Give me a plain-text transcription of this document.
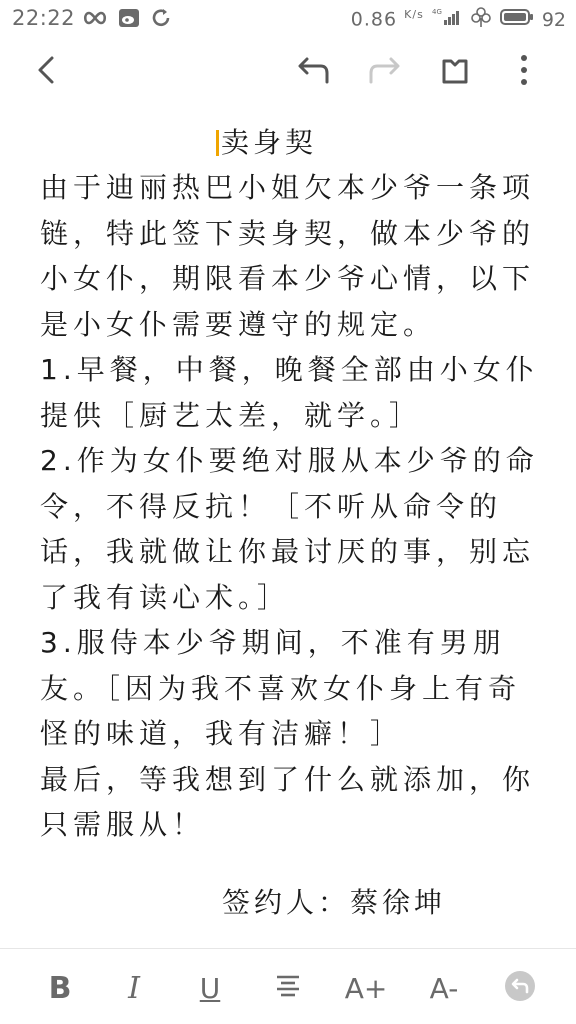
22:22	0.86 $^{K/s}$ 4G	92
卖身契
由于迪丽热巴小姐欠本少爷一条项链，特此签下卖身契，做本少爷的小女仆，期限看本少爷心情，以下是小女仆需要遵守的规定。
1.早餐，中餐，晚餐全部由小女仆提供［厨艺太差，就学。］
2.作为女仆要绝对服从本少爷的命令，不得反抗！［不听从命令的话，我就做让你最讨厌的事，别忘了我有读心术。］
3.服侍本少爷期间，不准有男朋友。［因为我不喜欢女仆身上有奇怪的味道，我有洁癖！］
最后，等我想到了什么就添加，你只需服从！
签约人：蔡徐坤
B	I	U	A+	A-
